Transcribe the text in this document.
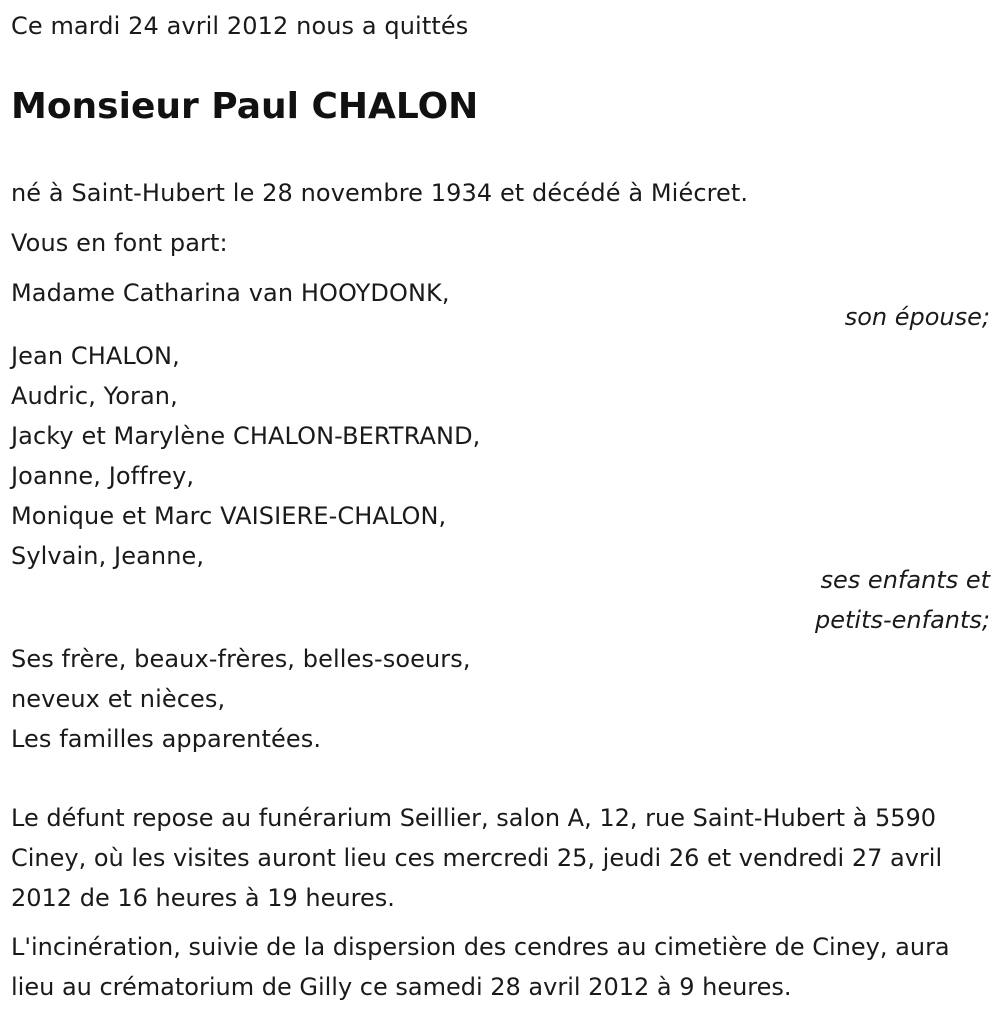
Ce mardi 24 avril 2012 nous a quittés
Monsieur Paul CHALON
né à Saint-Hubert le 28 novembre 1934 et décédé à Miécret.
Vous en font part:
Madame Catharina van HOOYDONK,
son épouse;
Jean CHALON,
Audric, Yoran,
Jacky et Marylène CHALON-BERTRAND,
Joanne, Joffrey,
Monique et Marc VAISIERE-CHALON,
Sylvain, Jeanne,
ses enfants et
petits-enfants;
Ses frère, beaux-frères, belles-soeurs,
neveux et nièces,
Les familles apparentées.
Le défunt repose au funérarium Seillier, salon A, 12, rue Saint-Hubert à 5590 Ciney, où les visites auront lieu ces mercredi 25, jeudi 26 et vendredi 27 avril 2012 de 16 heures à 19 heures.
L'incinération, suivie de la dispersion des cendres au cimetière de Ciney, aura lieu au crématorium de Gilly ce samedi 28 avril 2012 à 9 heures.
